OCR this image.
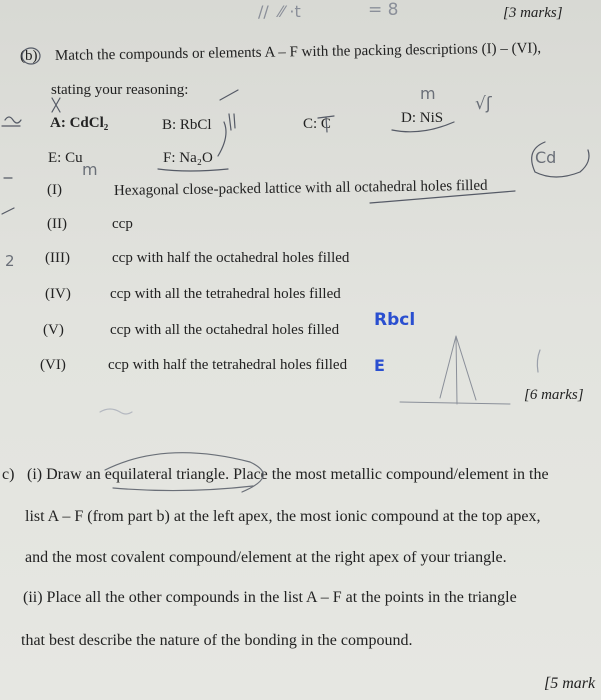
//  ⁄⁄ ·t	= 8	[3 marks]
(b) Match the compounds or elements A – F with the packing descriptions (I) – (VI),
stating your reasoning:
A: CdCl₂	B: RbCl	C: C	D: NiS
E: Cu	F: Na₂O
m
√ʃ
m
Cd
(I)	Hexagonal close-packed lattice with all octahedral holes filled
(II)	ccp
(III)	ccp with half the octahedral holes filled
(IV)	ccp with all the tetrahedral holes filled
(V)	ccp with all the octahedral holes filled
(VI)	ccp with half the tetrahedral holes filled
Rbcl
E
2
[6 marks]
c) (i) Draw an equilateral triangle. Place the most metallic compound/element in the
list A – F (from part b) at the left apex, the most ionic compound at the top apex,
and the most covalent compound/element at the right apex of your triangle.
(ii) Place all the other compounds in the list A – F at the points in the triangle
that best describe the nature of the bonding in the compound.
[5 mark
